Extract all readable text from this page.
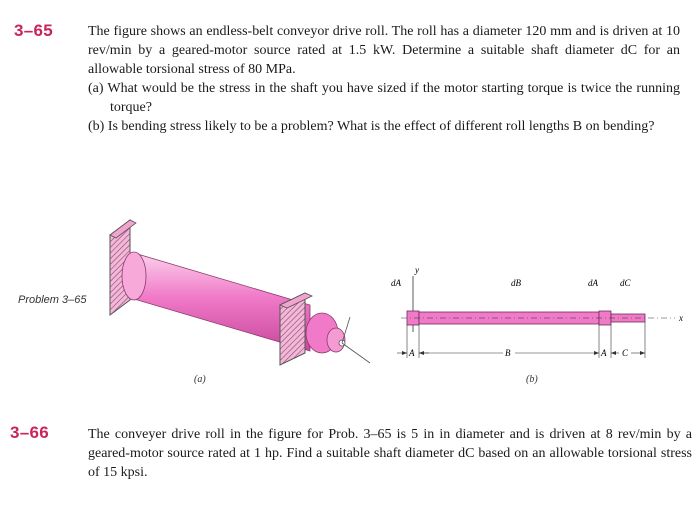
3–65 The figure shows an endless-belt conveyor drive roll. The roll has a diameter 120 mm and is driven at 10 rev/min by a geared-motor source rated at 1.5 kW. Determine a suitable shaft diameter dC for an allowable torsional stress of 80 MPa.

(a) What would be the stress in the shaft you have sized if the motor starting torque is twice the running torque?

(b) Is bending stress likely to be a problem? What is the effect of different roll lengths B on bending?

Problem 3–65
(a)
y
dA	dB	dA dC
x
A	B	A C
(b)
3–66	The conveyer drive roll in the figure for Prob. 3–65 is 5 in in diameter and is driven at 8 rev/min by a geared-motor source rated at 1 hp. Find a suitable shaft diameter dC based on an allowable torsional stress of 15 kpsi.
